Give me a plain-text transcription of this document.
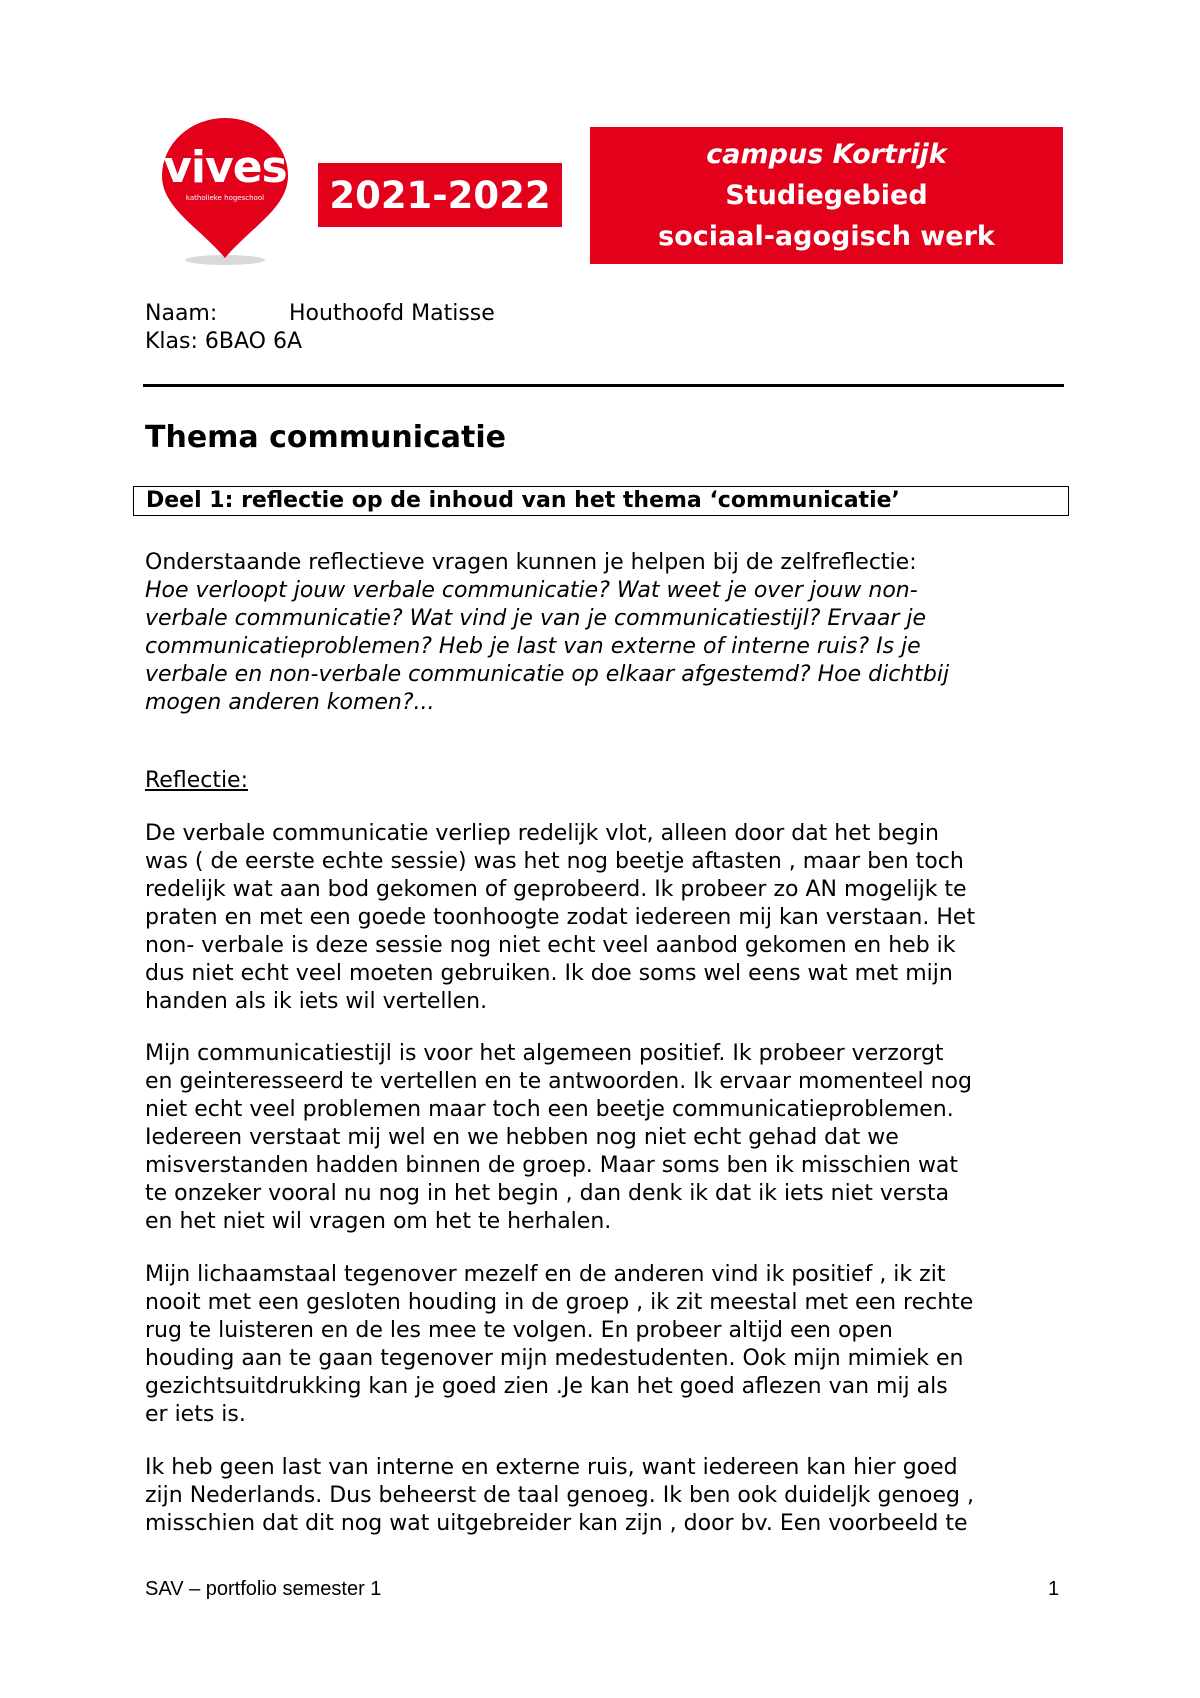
katholieke hogeschool
vives
2021-2022
campus Kortrijk
Studiegebied
sociaal-agogisch werk
Naam:	Houthoofd Matisse
Klas: 6BAO 6A
Thema communicatie
Deel 1: reflectie op de inhoud van het thema ‘communicatie’
Onderstaande reflectieve vragen kunnen je helpen bij de zelfreflectie:
Hoe verloopt jouw verbale communicatie? Wat weet je over jouw non-
verbale communicatie? Wat vind je van je communicatiestijl? Ervaar je
communicatieproblemen? Heb je last van externe of interne ruis? Is je
verbale en non-verbale communicatie op elkaar afgestemd? Hoe dichtbij
mogen anderen komen?...
Reflectie:
De verbale communicatie verliep redelijk vlot, alleen door dat het begin
was ( de eerste echte sessie) was het nog beetje aftasten , maar ben toch
redelijk wat aan bod gekomen of geprobeerd. Ik probeer zo AN mogelijk te
praten en met een goede toonhoogte zodat iedereen mij kan verstaan. Het
non- verbale is deze sessie nog niet echt veel aanbod gekomen en heb ik
dus niet echt veel moeten gebruiken. Ik doe soms wel eens wat met mijn
handen als ik iets wil vertellen.
Mijn communicatiestijl is voor het algemeen positief. Ik probeer verzorgt
en geinteresseerd te vertellen en te antwoorden. Ik ervaar momenteel nog
niet echt veel problemen maar toch een beetje communicatieproblemen.
Iedereen verstaat mij wel en we hebben nog niet echt gehad dat we
misverstanden hadden binnen de groep. Maar soms ben ik misschien wat
te onzeker vooral nu nog in het begin , dan denk ik dat ik iets niet versta
en het niet wil vragen om het te herhalen.
Mijn lichaamstaal tegenover mezelf en de anderen vind ik positief , ik zit
nooit met een gesloten houding in de groep , ik zit meestal met een rechte
rug te luisteren en de les mee te volgen. En probeer altijd een open
houding aan te gaan tegenover mijn medestudenten. Ook mijn mimiek en
gezichtsuitdrukking kan je goed zien .Je kan het goed aflezen van mij als
er iets is.
Ik heb geen last van interne en externe ruis, want iedereen kan hier goed
zijn Nederlands. Dus beheerst de taal genoeg. Ik ben ook duideljk genoeg ,
misschien dat dit nog wat uitgebreider kan zijn , door bv. Een voorbeeld te
SAV – portfolio semester 1	1
